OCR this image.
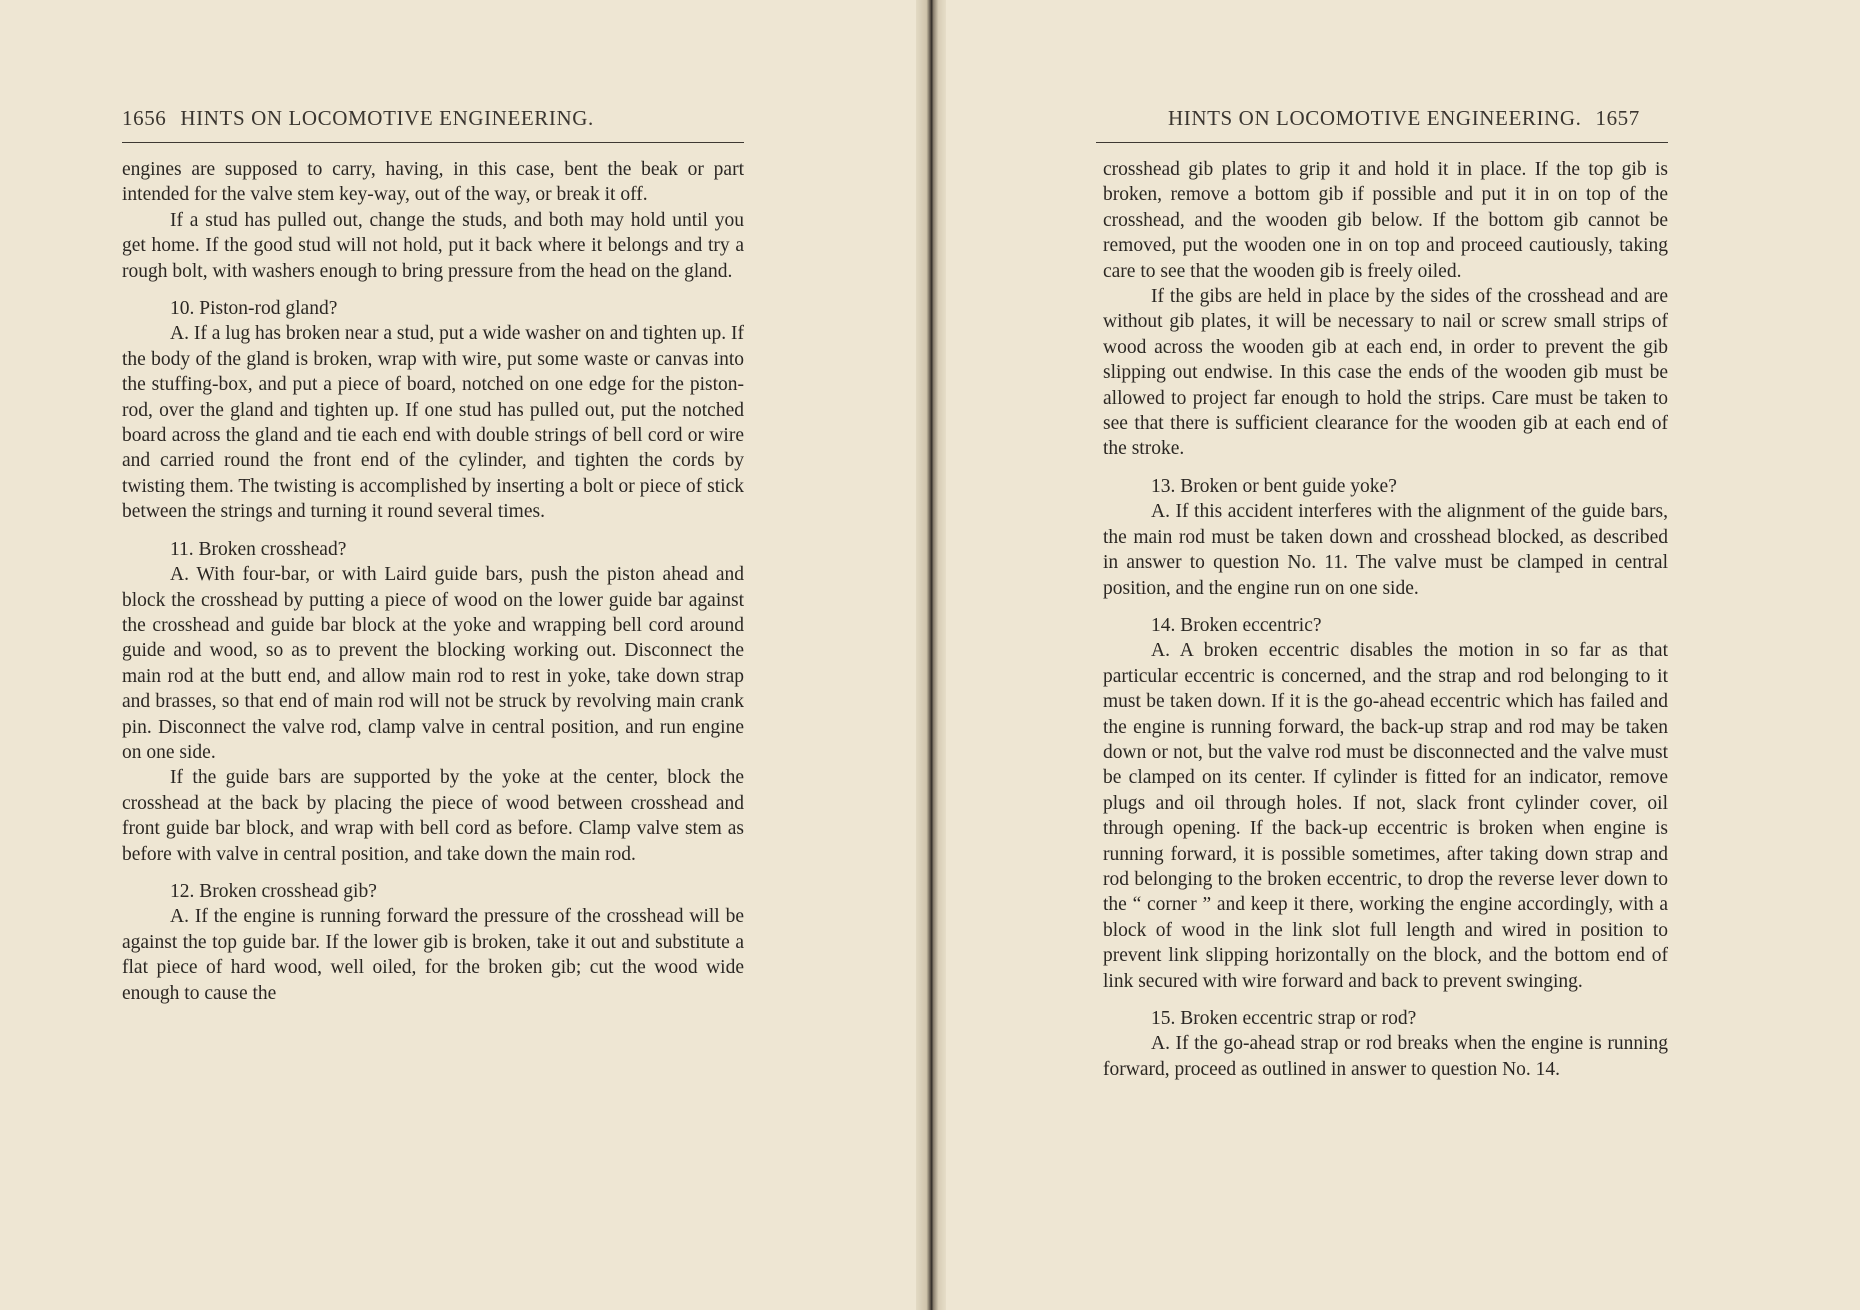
1656 HINTS ON LOCOMOTIVE ENGINEERING.

engines are supposed to carry, having, in this case, bent the beak or part intended for the valve stem key-way, out of the way, or break it off.

If a stud has pulled out, change the studs, and both may hold until you get home. If the good stud will not hold, put it back where it belongs and try a rough bolt, with washers enough to bring pressure from the head on the gland.

10. Piston-rod gland?

A. If a lug has broken near a stud, put a wide washer on and tighten up. If the body of the gland is broken, wrap with wire, put some waste or canvas into the stuffing-box, and put a piece of board, notched on one edge for the piston-rod, over the gland and tighten up. If one stud has pulled out, put the notched board across the gland and tie each end with double strings of bell cord or wire and carried round the front end of the cylinder, and tighten the cords by twisting them. The twisting is accomplished by inserting a bolt or piece of stick between the strings and turning it round several times.

11. Broken crosshead?

A. With four-bar, or with Laird guide bars, push the piston ahead and block the crosshead by putting a piece of wood on the lower guide bar against the crosshead and guide bar block at the yoke and wrapping bell cord around guide and wood, so as to prevent the blocking working out. Disconnect the main rod at the butt end, and allow main rod to rest in yoke, take down strap and brasses, so that end of main rod will not be struck by revolving main crank pin. Disconnect the valve rod, clamp valve in central position, and run engine on one side.

If the guide bars are supported by the yoke at the center, block the crosshead at the back by placing the piece of wood between crosshead and front guide bar block, and wrap with bell cord as before. Clamp valve stem as before with valve in central position, and take down the main rod.

12. Broken crosshead gib?

A. If the engine is running forward the pressure of the crosshead will be against the top guide bar. If the lower gib is broken, take it out and substitute a flat piece of hard wood, well oiled, for the broken gib; cut the wood wide enough to cause the

HINTS ON LOCOMOTIVE ENGINEERING. 1657

crosshead gib plates to grip it and hold it in place. If the top gib is broken, remove a bottom gib if possible and put it in on top of the crosshead, and the wooden gib below. If the bottom gib cannot be removed, put the wooden one in on top and proceed cautiously, taking care to see that the wooden gib is freely oiled.

If the gibs are held in place by the sides of the crosshead and are without gib plates, it will be necessary to nail or screw small strips of wood across the wooden gib at each end, in order to prevent the gib slipping out endwise. In this case the ends of the wooden gib must be allowed to project far enough to hold the strips. Care must be taken to see that there is sufficient clearance for the wooden gib at each end of the stroke.

13. Broken or bent guide yoke?

A. If this accident interferes with the alignment of the guide bars, the main rod must be taken down and crosshead blocked, as described in answer to question No. 11. The valve must be clamped in central position, and the engine run on one side.

14. Broken eccentric?

A. A broken eccentric disables the motion in so far as that particular eccentric is concerned, and the strap and rod belonging to it must be taken down. If it is the go-ahead eccentric which has failed and the engine is running forward, the back-up strap and rod may be taken down or not, but the valve rod must be disconnected and the valve must be clamped on its center. If cylinder is fitted for an indicator, remove plugs and oil through holes. If not, slack front cylinder cover, oil through opening. If the back-up eccentric is broken when engine is running forward, it is possible sometimes, after taking down strap and rod belonging to the broken eccentric, to drop the reverse lever down to the “ corner ” and keep it there, working the engine accordingly, with a block of wood in the link slot full length and wired in position to prevent link slipping horizontally on the block, and the bottom end of link secured with wire forward and back to prevent swinging.

15. Broken eccentric strap or rod?

A. If the go-ahead strap or rod breaks when the engine is running forward, proceed as outlined in answer to question No. 14.
